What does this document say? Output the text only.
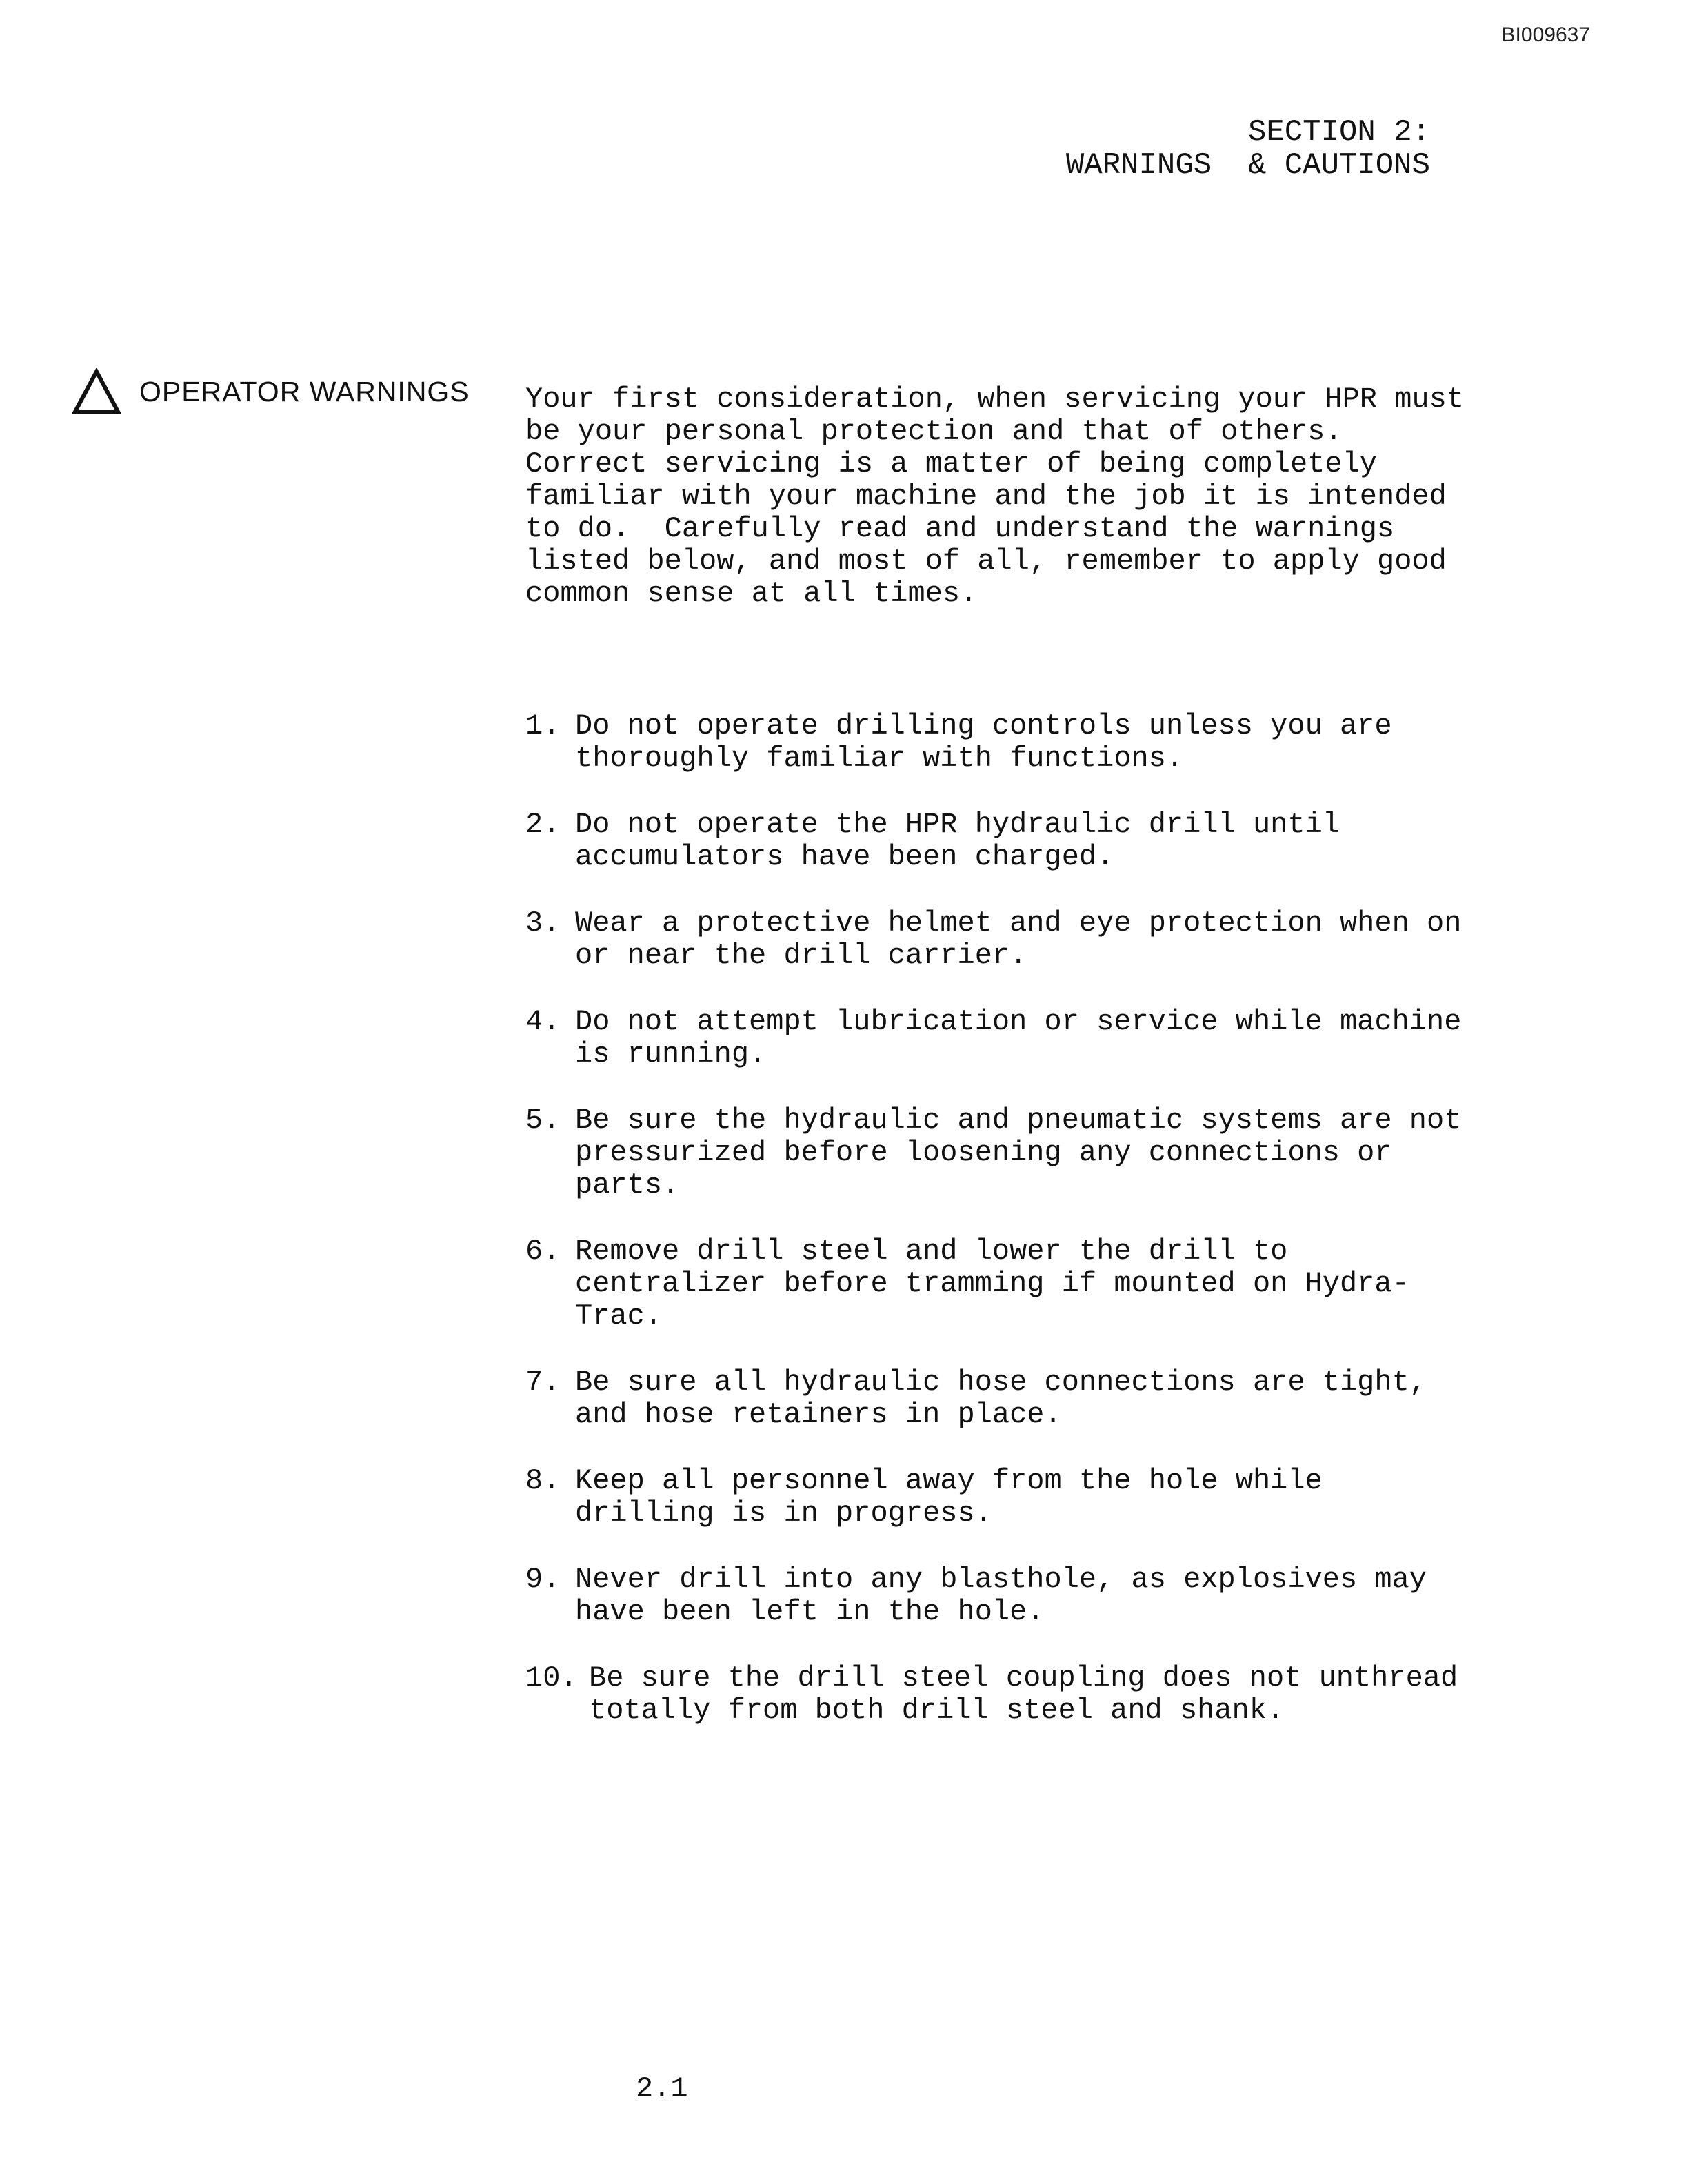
BI009637
SECTION 2:
WARNINGS  & CAUTIONS
OPERATOR WARNINGS Your first consideration, when servicing your HPR must
be your personal protection and that of others.
Correct servicing is a matter of being completely
familiar with your machine and the job it is intended
to do.  Carefully read and understand the warnings
listed below, and most of all, remember to apply good
common sense at all times.
1. Do not operate drilling controls unless you are
thoroughly familiar with functions.
2. Do not operate the HPR hydraulic drill until
accumulators have been charged.
3. Wear a protective helmet and eye protection when on
or near the drill carrier.
4. Do not attempt lubrication or service while machine
is running.
5. Be sure the hydraulic and pneumatic systems are not
pressurized before loosening any connections or
parts.
6. Remove drill steel and lower the drill to
centralizer before tramming if mounted on Hydra-
Trac.
7. Be sure all hydraulic hose connections are tight,
and hose retainers in place.
8. Keep all personnel away from the hole while
drilling is in progress.
9. Never drill into any blasthole, as explosives may
have been left in the hole.
10. Be sure the drill steel coupling does not unthread
totally from both drill steel and shank.
2.1
